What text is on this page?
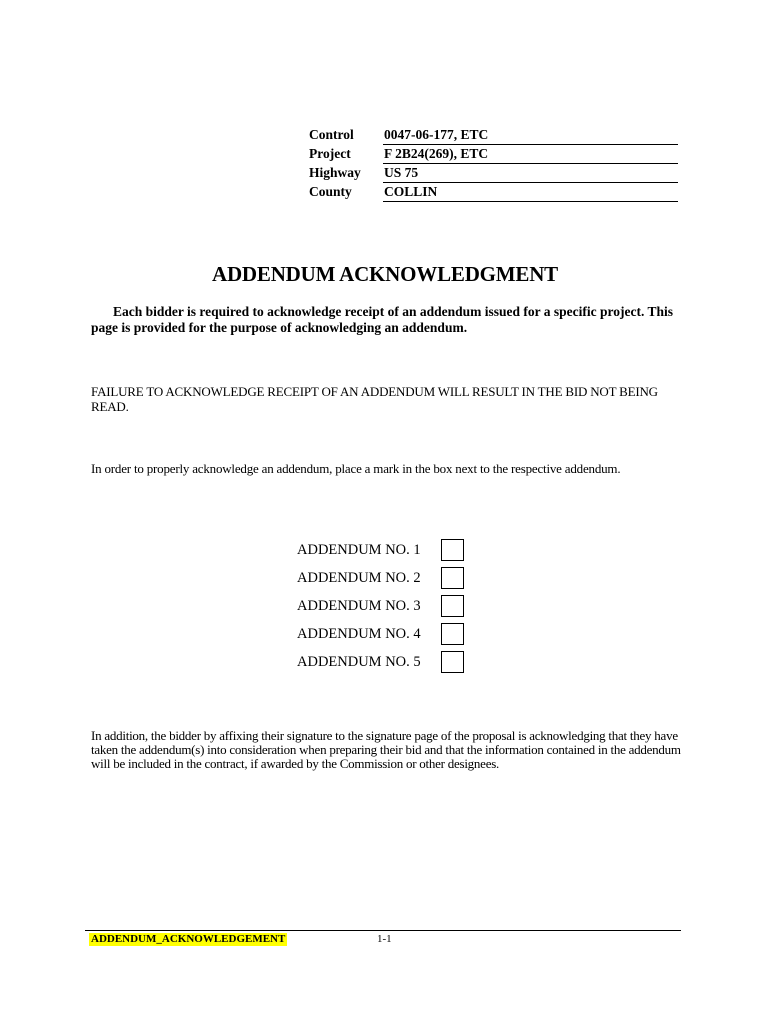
Control	0047-06-177, ETC
Project	F 2B24(269), ETC
Highway	US 75
County	COLLIN
ADDENDUM ACKNOWLEDGMENT
Each bidder is required to acknowledge receipt of an addendum issued for a specific project. This page is provided for the purpose of acknowledging an addendum.
FAILURE TO ACKNOWLEDGE RECEIPT OF AN ADDENDUM WILL RESULT IN THE BID NOT BEING READ.
In order to properly acknowledge an addendum, place a mark in the box next to the respective addendum.
ADDENDUM NO. 1
ADDENDUM NO. 2
ADDENDUM NO. 3
ADDENDUM NO. 4
ADDENDUM NO. 5
In addition, the bidder by affixing their signature to the signature page of the proposal is acknowledging that they have taken the addendum(s) into consideration when preparing their bid and that the information contained in the addendum will be included in the contract, if awarded by the Commission or other designees.
ADDENDUM_ACKNOWLEDGEMENT	1-1
